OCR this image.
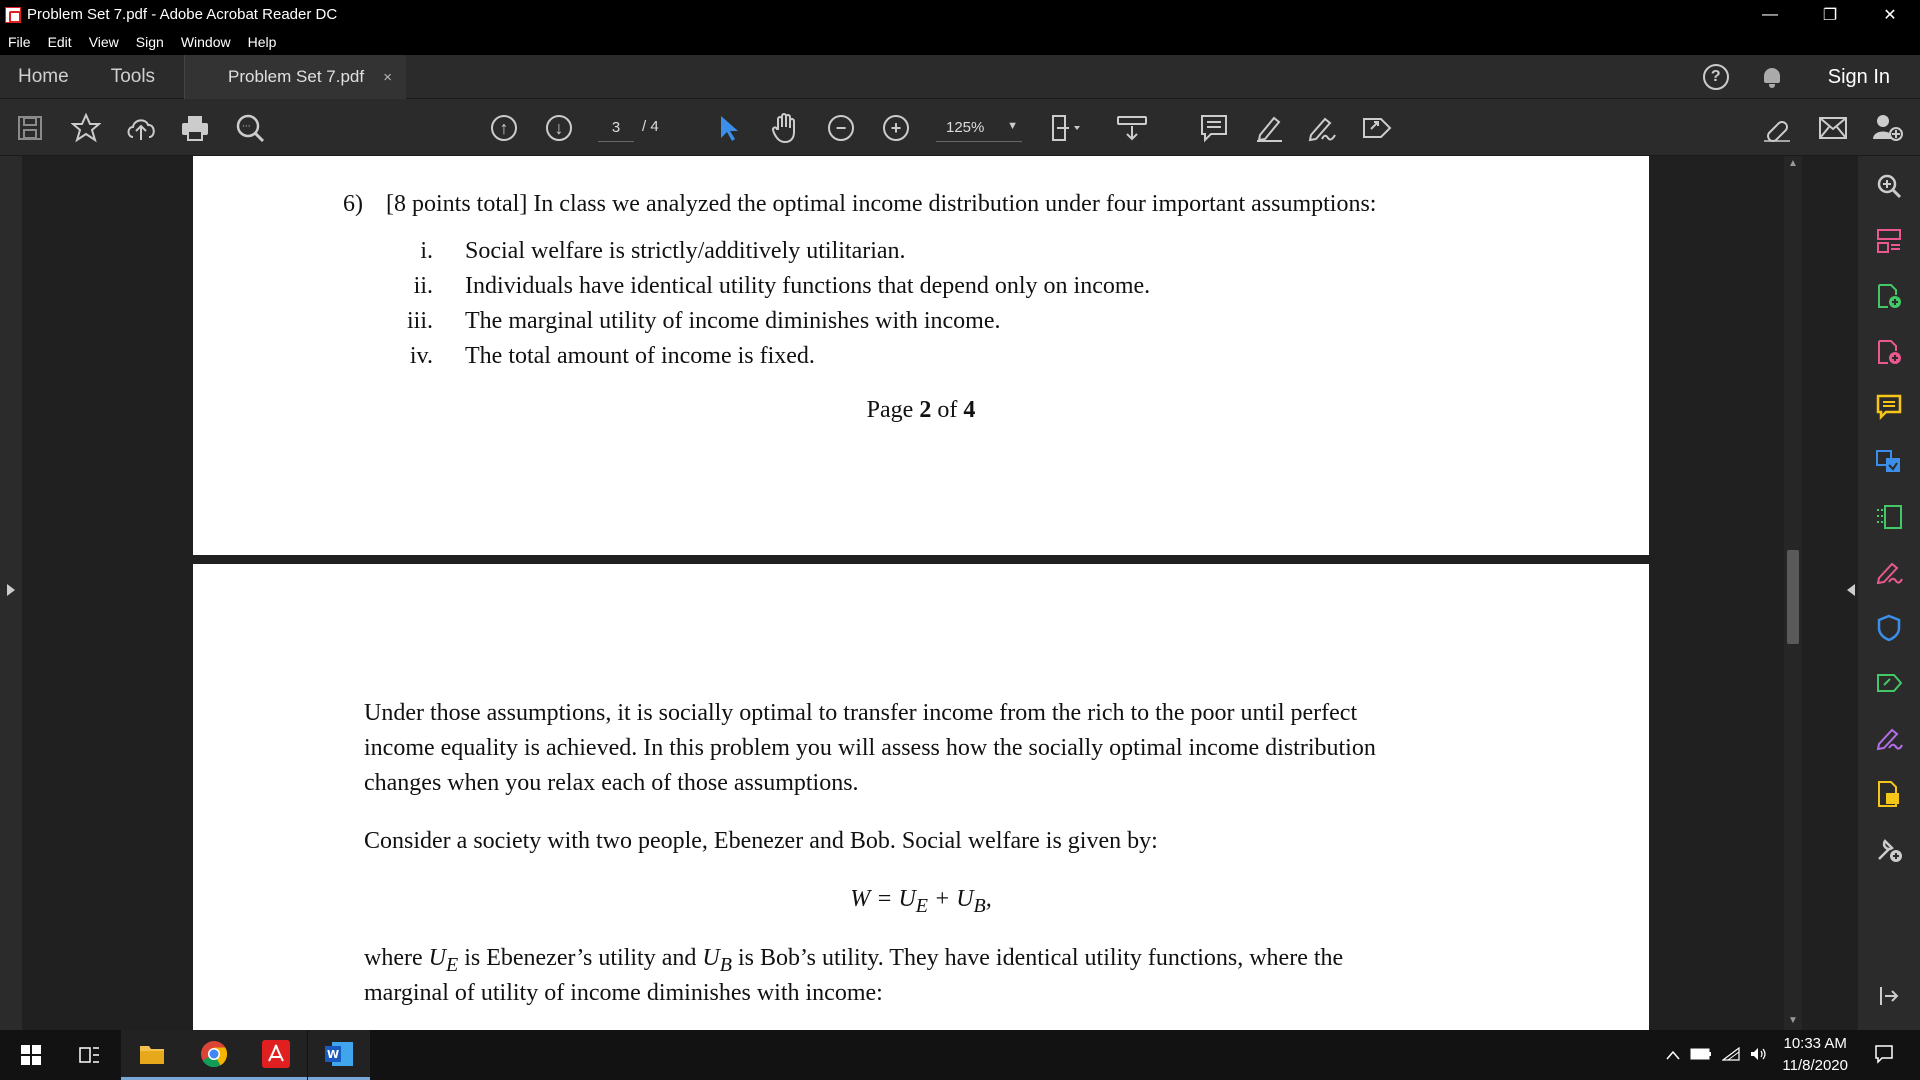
Problem Set 7.pdf - Adobe Acrobat Reader DC	—	❐	✕
File Edit View Sign Window Help
Home Tools	Problem Set 7.pdf ×	?	Sign In
···	↑	↓	−	+
3	/ 4	125% ▼
6) [8 points total] In class we analyzed the optimal income distribution under four important assumptions:
i. Social welfare is strictly/additively utilitarian.
ii. Individuals have identical utility functions that depend only on income.
iii. The marginal utility of income diminishes with income.
iv. The total amount of income is fixed.
Page 2 of 4
Under those assumptions, it is socially optimal to transfer income from the rich to the poor until perfect
income equality is achieved. In this problem you will assess how the socially optimal income distribution
changes when you relax each of those assumptions.
Consider a society with two people, Ebenezer and Bob. Social welfare is given by:
$W = U_E + U_B$,
where $U_E$ is Ebenezer’s utility and $U_B$ is Bob’s utility. They have identical utility functions, where the
marginal of utility of income diminishes with income:
▲
▼
W
10:33 AM
11/8/2020
